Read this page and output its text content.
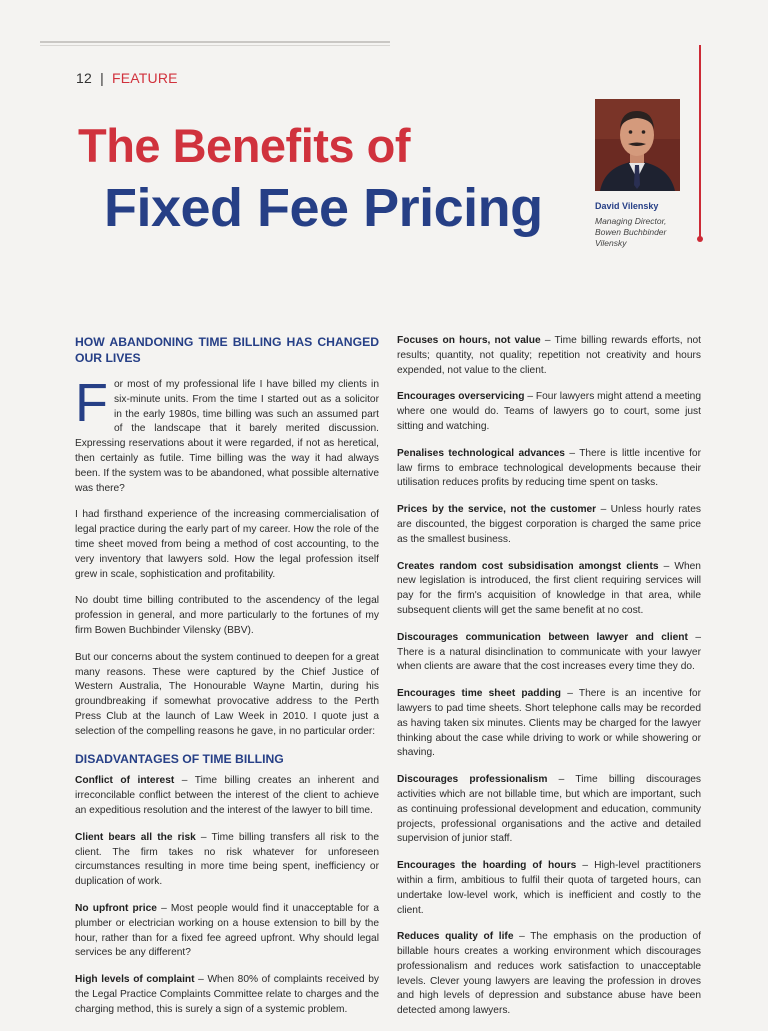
12 | FEATURE
The Benefits of
Fixed Fee Pricing	David Vilensky
Managing Director, Bowen Buchbinder Vilensky
HOW ABANDONING TIME BILLING HAS CHANGED OUR LIVES

For most of my professional life I have billed my clients in six-minute units. From the time I started out as a solicitor in the early 1980s, time billing was such an assumed part of the landscape that it barely merited discussion. Expressing reservations about it were regarded, if not as heretical, then certainly as futile. Time billing was the way it had always been. If the system was to be abandoned, what possible alternative was there?

I had firsthand experience of the increasing commercialisation of legal practice during the early part of my career. How the role of the time sheet moved from being a method of cost accounting, to the very inventory that lawyers sold. How the legal profession itself grew in scale, sophistication and profitability.

No doubt time billing contributed to the ascendency of the legal profession in general, and more particularly to the fortunes of my firm Bowen Buchbinder Vilensky (BBV).

But our concerns about the system continued to deepen for a great many reasons. These were captured by the Chief Justice of Western Australia, The Honourable Wayne Martin, during his groundbreaking if somewhat provocative address to the Perth Press Club at the launch of Law Week in 2010. I quote just a selection of the compelling reasons he gave, in no particular order:

DISADVANTAGES OF TIME BILLING

Conflict of interest – Time billing creates an inherent and irreconcilable conflict between the interest of the client to achieve an expeditious resolution and the interest of the lawyer to bill time.

Client bears all the risk – Time billing transfers all risk to the client. The firm takes no risk whatever for unforeseen circumstances resulting in more time being spent, inefficiency or duplication of work.

No upfront price – Most people would find it unacceptable for a plumber or electrician working on a house extension to bill by the hour, rather than for a fixed fee agreed upfront. Why should legal services be any different?

High levels of complaint – When 80% of complaints received by the Legal Practice Complaints Committee relate to charges and the charging method, this is surely a sign of a systemic problem.

Focuses on hours, not value – Time billing rewards efforts, not results; quantity, not quality; repetition not creativity and hours expended, not value to the client.

Encourages overservicing – Four lawyers might attend a meeting where one would do. Teams of lawyers go to court, some just sitting and watching.

Penalises technological advances – There is little incentive for law firms to embrace technological developments because their utilisation reduces profits by reducing time spent on tasks.

Prices by the service, not the customer – Unless hourly rates are discounted, the biggest corporation is charged the same price as the smallest business.

Creates random cost subsidisation amongst clients – When new legislation is introduced, the first client requiring services will pay for the firm's acquisition of knowledge in that area, while subsequent clients will get the same benefit at no cost.

Discourages communication between lawyer and client – There is a natural disinclination to communicate with your lawyer when clients are aware that the cost increases every time they do.

Encourages time sheet padding – There is an incentive for lawyers to pad time sheets. Short telephone calls may be recorded as having taken six minutes. Clients may be charged for the lawyer thinking about the case while driving to work or while showering or shaving.

Discourages professionalism – Time billing discourages activities which are not billable time, but which are important, such as continuing professional development and education, community projects, professional organisations and the active and detailed supervision of junior staff.

Encourages the hoarding of hours – High-level practitioners within a firm, ambitious to fulfil their quota of targeted hours, can undertake low-level work, which is inefficient and costly to the client.

Reduces quality of life – The emphasis on the production of billable hours creates a working environment which discourages professionalism and reduces work satisfaction to unacceptable levels. Clever young lawyers are leaving the profession in droves and high levels of depression and substance abuse have been detected among lawyers.
